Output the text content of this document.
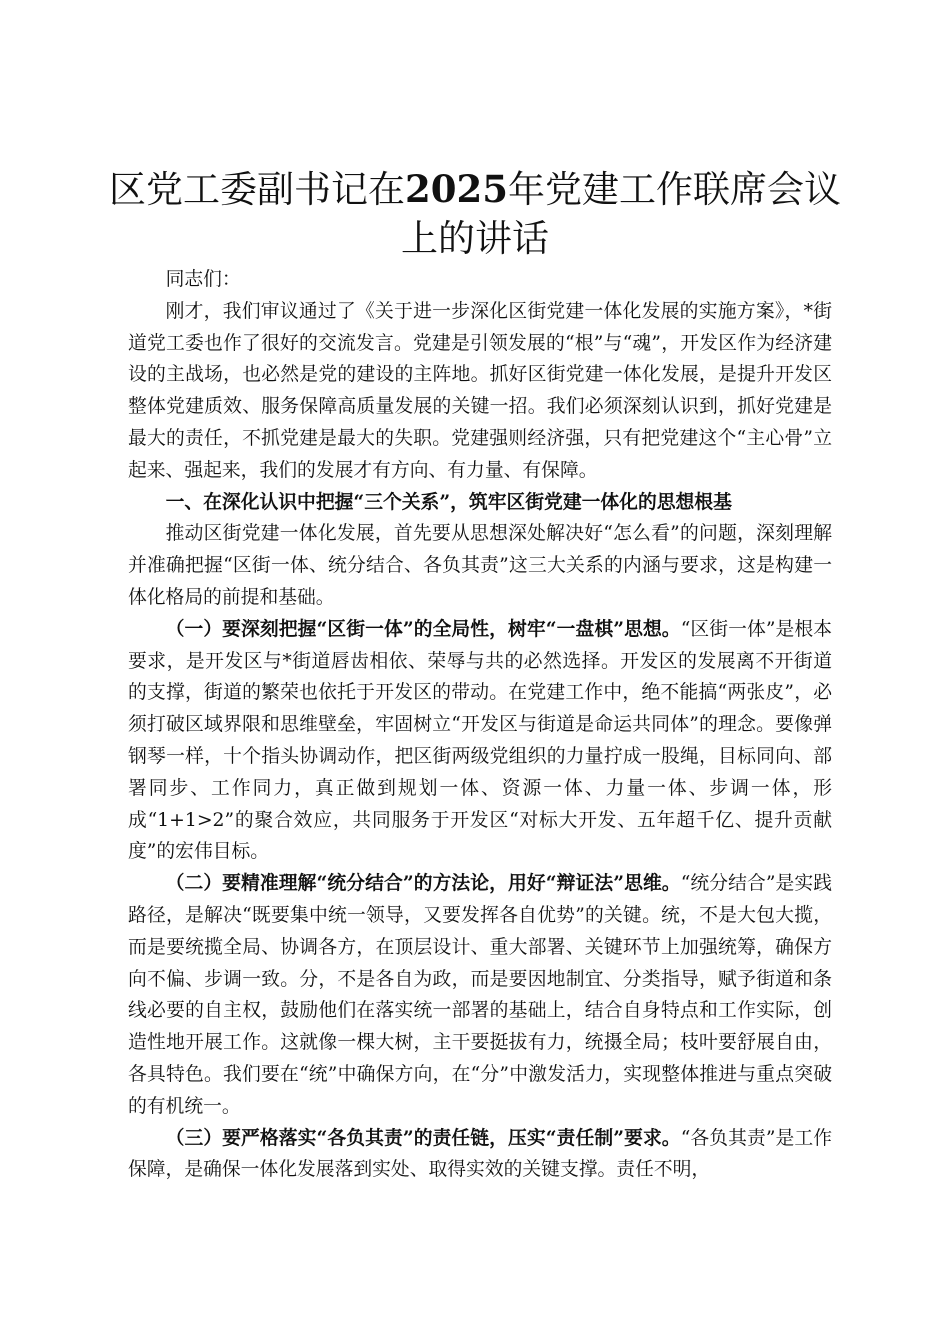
区党工委副书记在2025年党建工作联席会议上的讲话

同志们：

刚才，我们审议通过了《关于进一步深化区街党建一体化发展的实施方案》，*街道党工委也作了很好的交流发言。党建是引领发展的“根”与“魂”，开发区作为经济建设的主战场，也必然是党的建设的主阵地。抓好区街党建一体化发展，是提升开发区整体党建质效、服务保障高质量发展的关键一招。我们必须深刻认识到，抓好党建是最大的责任，不抓党建是最大的失职。党建强则经济强，只有把党建这个“主心骨”立起来、强起来，我们的发展才有方向、有力量、有保障。

一、在深化认识中把握“三个关系”，筑牢区街党建一体化的思想根基

推动区街党建一体化发展，首先要从思想深处解决好“怎么看”的问题，深刻理解并准确把握“区街一体、统分结合、各负其责”这三大关系的内涵与要求，这是构建一体化格局的前提和基础。

（一）要深刻把握“区街一体”的全局性，树牢“一盘棋”思想。“区街一体”是根本要求，是开发区与*街道唇齿相依、荣辱与共的必然选择。开发区的发展离不开街道的支撑，街道的繁荣也依托于开发区的带动。在党建工作中，绝不能搞“两张皮”，必须打破区域界限和思维壁垒，牢固树立“开发区与街道是命运共同体”的理念。要像弹钢琴一样，十个指头协调动作，把区街两级党组织的力量拧成一股绳，目标同向、部署同步、工作同力，真正做到规划一体、资源一体、力量一体、步调一体，形成“1+1>2”的聚合效应，共同服务于开发区“对标大开发、五年超千亿、提升贡献度”的宏伟目标。

（二）要精准理解“统分结合”的方法论，用好“辩证法”思维。“统分结合”是实践路径，是解决“既要集中统一领导，又要发挥各自优势”的关键。统，不是大包大揽，而是要统揽全局、协调各方，在顶层设计、重大部署、关键环节上加强统筹，确保方向不偏、步调一致。分，不是各自为政，而是要因地制宜、分类指导，赋予街道和条线必要的自主权，鼓励他们在落实统一部署的基础上，结合自身特点和工作实际，创造性地开展工作。这就像一棵大树，主干要挺拔有力，统摄全局；枝叶要舒展自由，各具特色。我们要在“统”中确保方向，在“分”中激发活力，实现整体推进与重点突破的有机统一。

（三）要严格落实“各负其责”的责任链，压实“责任制”要求。“各负其责”是工作保障，是确保一体化发展落到实处、取得实效的关键支撑。责任不明，
